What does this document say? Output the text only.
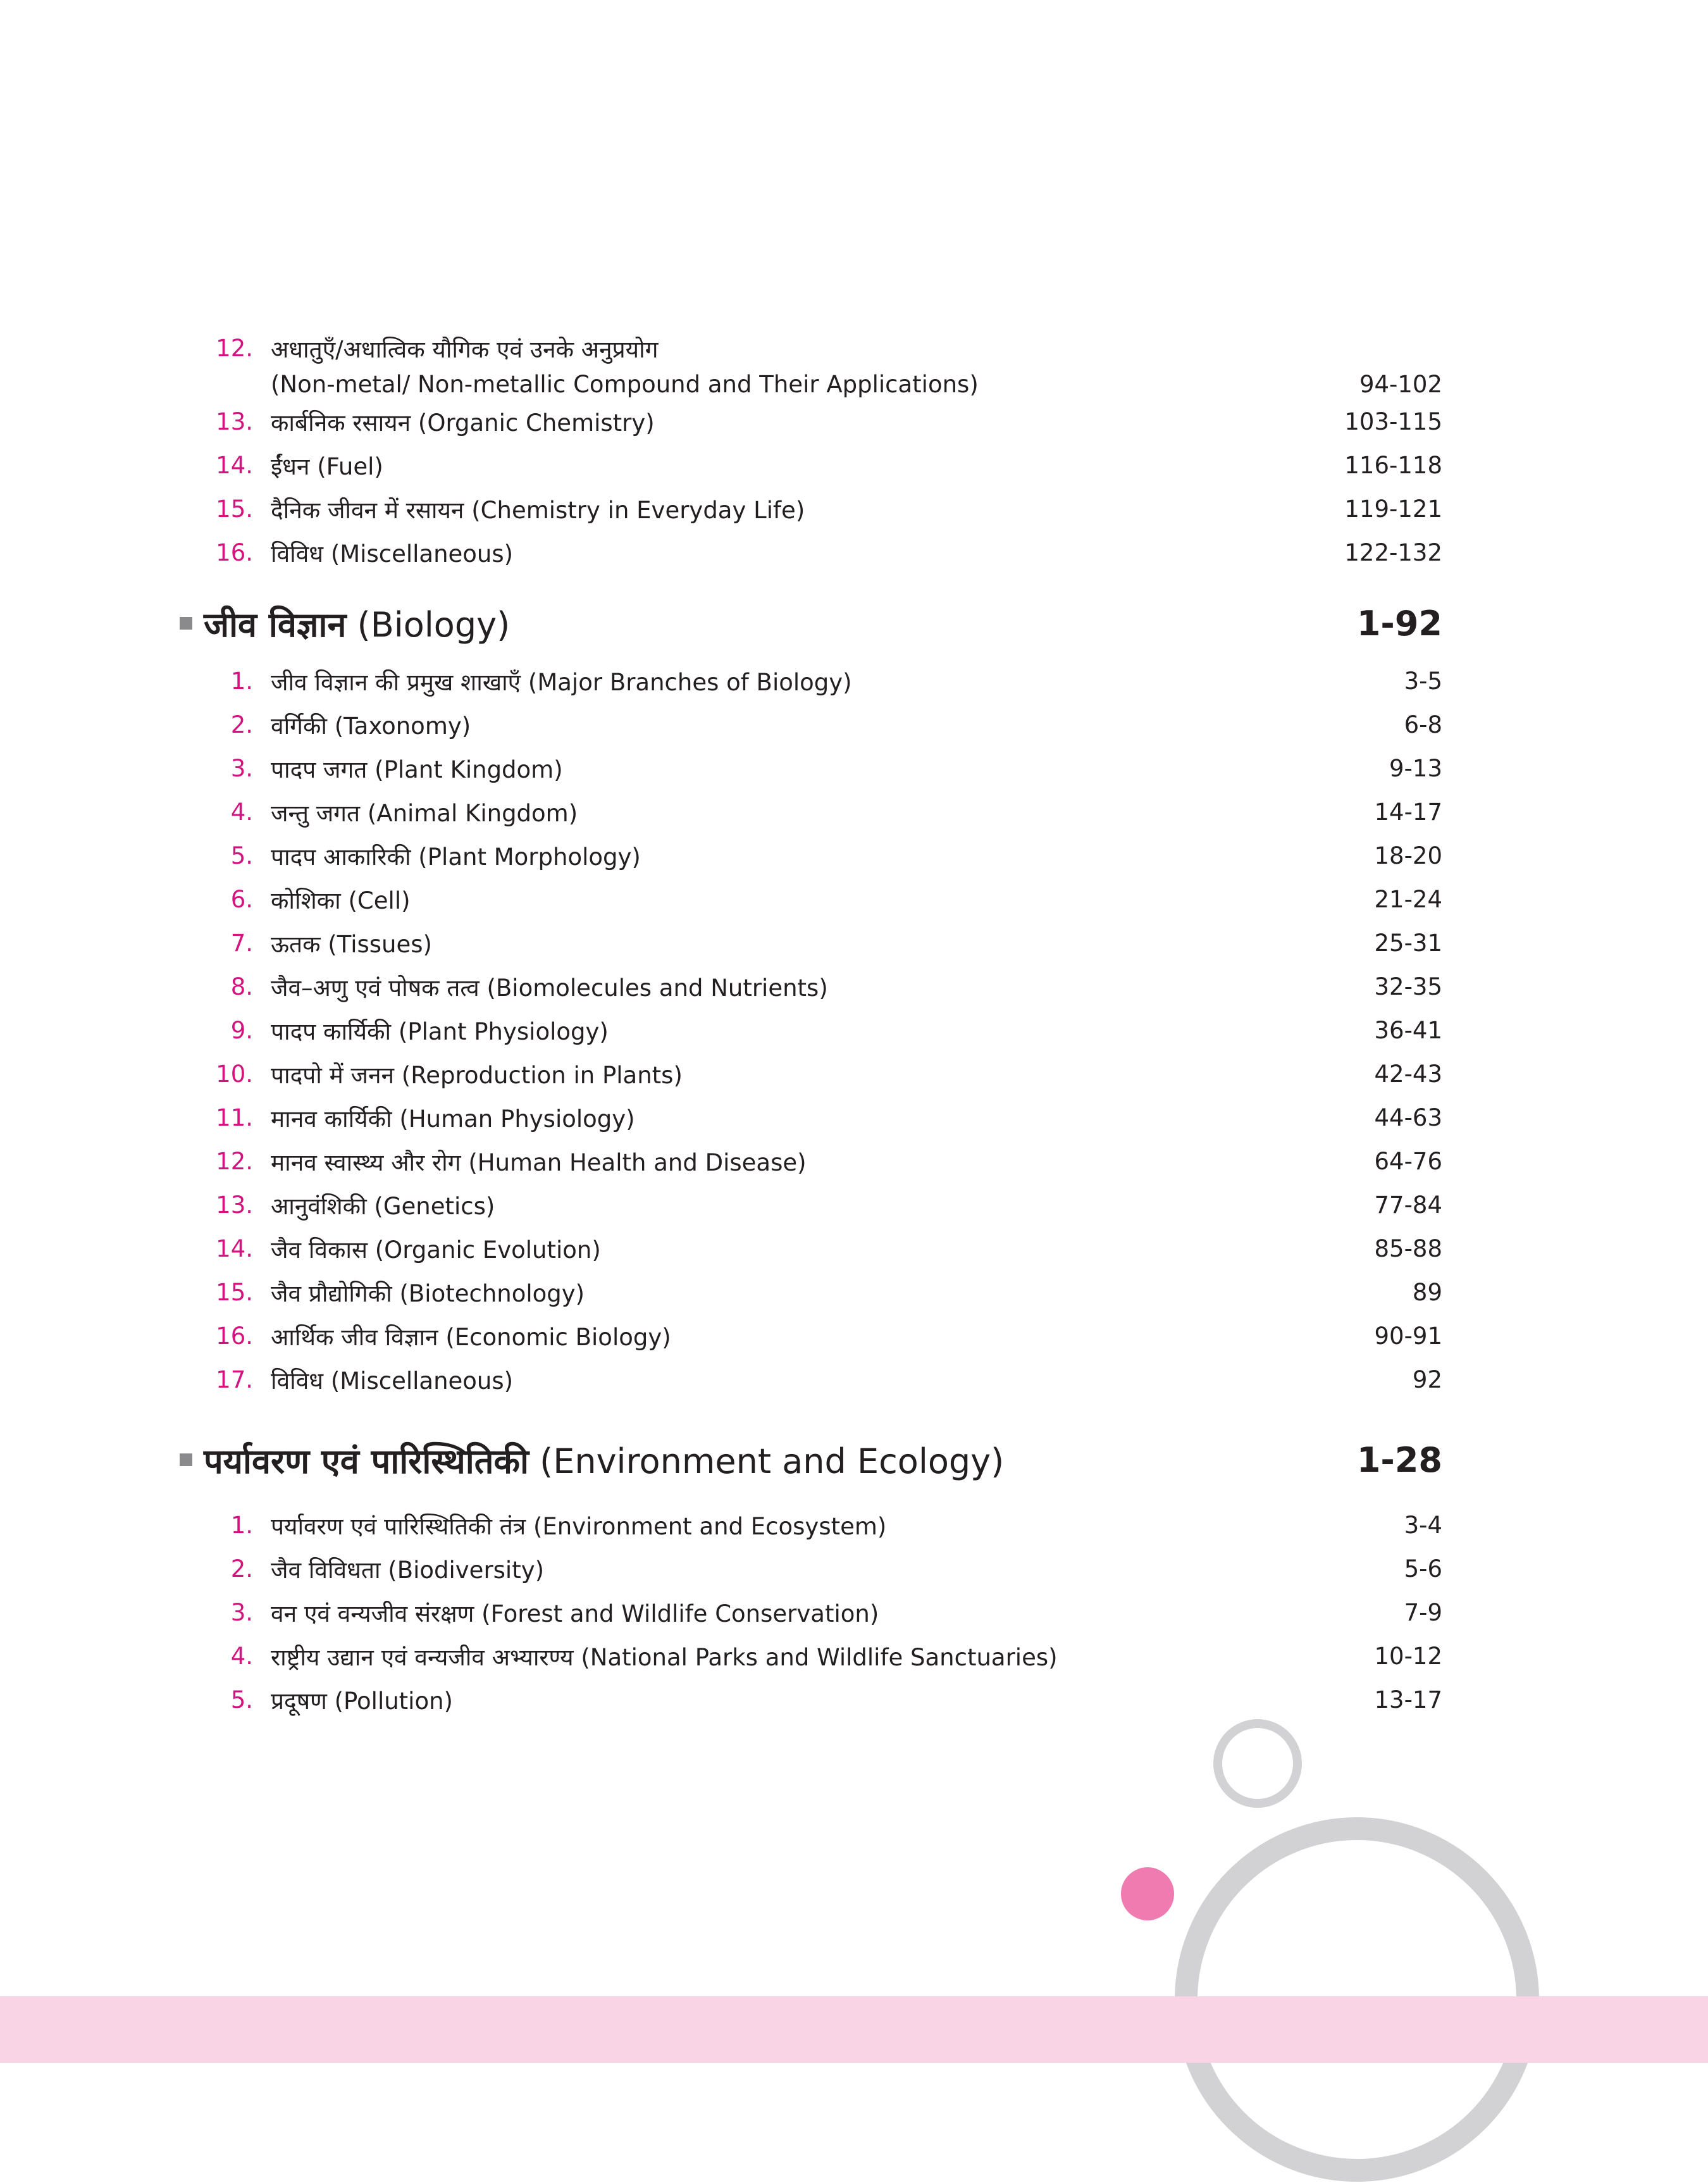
12. अधातुएँ/अधात्विक यौगिक एवं उनके अनुप्रयोग
(Non-metal/ Non-metallic Compound and Their Applications)	94-102
13. कार्बनिक रसायन (Organic Chemistry)	103-115
14. ईंधन (Fuel)	116-118
15. दैनिक जीवन में रसायन (Chemistry in Everyday Life)	119-121
16. विविध (Miscellaneous)	122-132
जीव विज्ञान (Biology)	1-92
1. जीव विज्ञान की प्रमुख शाखाएँ (Major Branches of Biology)	3-5
2. वर्गिकी (Taxonomy)	6-8
3. पादप जगत (Plant Kingdom)	9-13
4. जन्तु जगत (Animal Kingdom)	14-17
5. पादप आकारिकी (Plant Morphology)	18-20
6. कोशिका (Cell)	21-24
7. ऊतक (Tissues)	25-31
8. जैव–अणु एवं पोषक तत्व (Biomolecules and Nutrients)	32-35
9. पादप कार्यिकी (Plant Physiology)	36-41
10. पादपो में जनन (Reproduction in Plants)	42-43
11. मानव कार्यिकी (Human Physiology)	44-63
12. मानव स्वास्थ्य और रोग (Human Health and Disease)	64-76
13. आनुवंशिकी (Genetics)	77-84
14. जैव विकास (Organic Evolution)	85-88
15. जैव प्रौद्योगिकी (Biotechnology)	89
16. आर्थिक जीव विज्ञान (Economic Biology)	90-91
17. विविध (Miscellaneous)	92
पर्यावरण एवं पारिस्थितिकी (Environment and Ecology)	1-28
1. पर्यावरण एवं पारिस्थितिकी तंत्र (Environment and Ecosystem)	3-4
2. जैव विविधता (Biodiversity)	5-6
3. वन एवं वन्यजीव संरक्षण (Forest and Wildlife Conservation)	7-9
4. राष्ट्रीय उद्यान एवं वन्यजीव अभ्यारण्य (National Parks and Wildlife Sanctuaries)	10-12
5. प्रदूषण (Pollution)	13-17
